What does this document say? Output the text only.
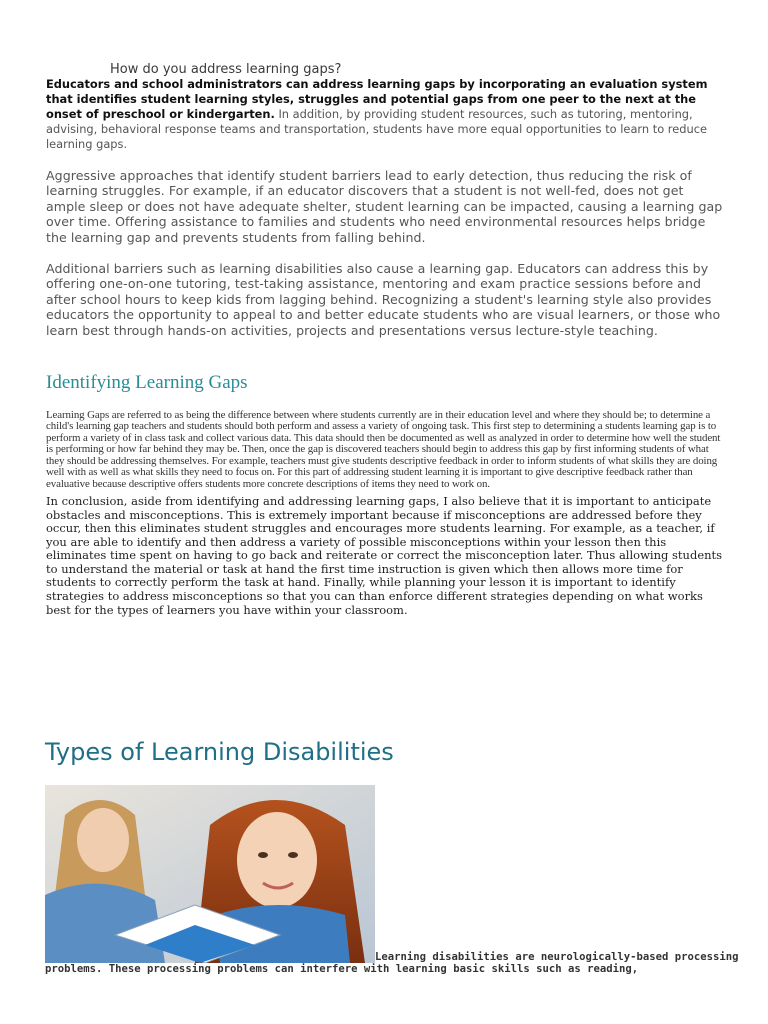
How do you address learning gaps?

Educators and school administrators can address learning gaps by incorporating an evaluation system that identifies student learning styles, struggles and potential gaps from one peer to the next at the onset of preschool or kindergarten. In addition, by providing student resources, such as tutoring, mentoring, advising, behavioral response teams and transportation, students have more equal opportunities to learn to reduce learning gaps.

Aggressive approaches that identify student barriers lead to early detection, thus reducing the risk of learning struggles. For example, if an educator discovers that a student is not well-fed, does not get ample sleep or does not have adequate shelter, student learning can be impacted, causing a learning gap over time. Offering assistance to families and students who need environmental resources helps bridge the learning gap and prevents students from falling behind.

Additional barriers such as learning disabilities also cause a learning gap. Educators can address this by offering one-on-one tutoring, test-taking assistance, mentoring and exam practice sessions before and after school hours to keep kids from lagging behind. Recognizing a student's learning style also provides educators the opportunity to appeal to and better educate students who are visual learners, or those who learn best through hands-on activities, projects and presentations versus lecture-style teaching.

Identifying Learning Gaps

Learning Gaps are referred to as being the difference between where students currently are in their education level and where they should be; to determine a child's learning gap teachers and students should both perform and assess a variety of ongoing task. This first step to determining a students learning gap is to perform a variety of in class task and collect various data. This data should then be documented as well as analyzed in order to determine how well the student is performing or how far behind they may be. Then, once the gap is discovered teachers should begin to address this gap by first informing students of what they should be addressing themselves. For example, teachers must give students descriptive feedback in order to inform students of what skills they are doing well with as well as what skills they need to focus on. For this part of addressing student learning it is important to give descriptive feedback rather than evaluative because descriptive offers students more concrete descriptions of items they need to work on.

In conclusion, aside from identifying and addressing learning gaps, I also believe that it is important to anticipate obstacles and misconceptions. This is extremely important because if misconceptions are addressed before they occur, then this eliminates student struggles and encourages more students learning. For example, as a teacher, if you are able to identify and then address a variety of possible misconceptions within your lesson then this eliminates time spent on having to go back and reiterate or correct the misconception later. Thus allowing students to understand the material or task at hand the first time instruction is given which then allows more time for students to correctly perform the task at hand. Finally, while planning your lesson it is important to identify strategies to address misconceptions so that you can than enforce different strategies depending on what works best for the types of learners you have within your classroom.

Types of Learning Disabilities
Learning disabilities are neurologically-based processing problems. These processing problems can interfere with learning basic skills such as reading,
